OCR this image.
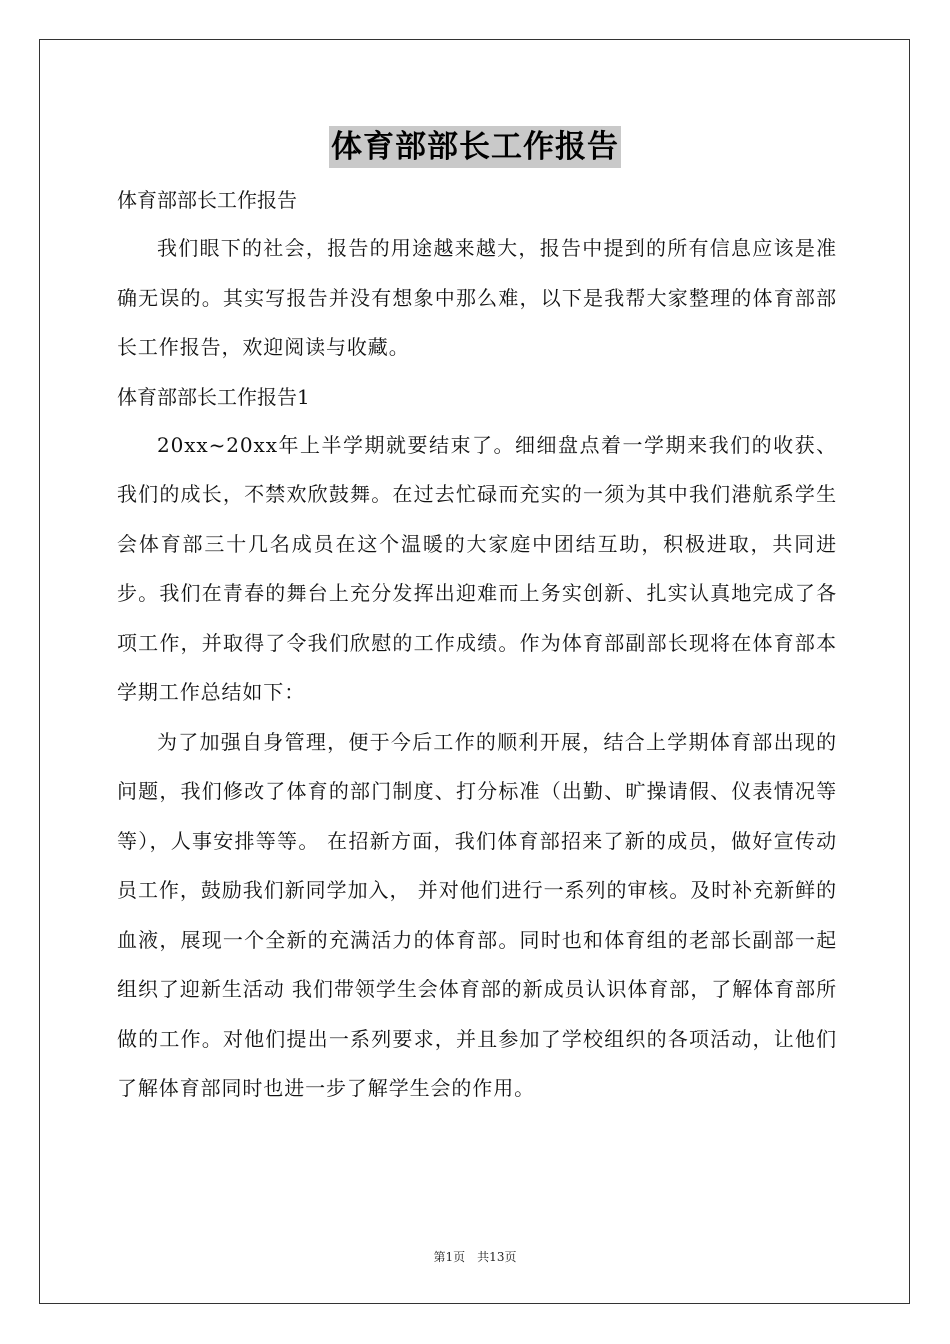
体育部部长工作报告

体育部部长工作报告

我们眼下的社会，报告的用途越来越大，报告中提到的所有信息应该是准确无误的。其实写报告并没有想象中那么难，以下是我帮大家整理的体育部部长工作报告，欢迎阅读与收藏。

体育部部长工作报告1

20xx~20xx年上半学期就要结束了。细细盘点着一学期来我们的收获、我们的成长，不禁欢欣鼓舞。在过去忙碌而充实的一须为其中我们港航系学生会体育部三十几名成员在这个温暖的大家庭中团结互助，积极进取，共同进步。我们在青春的舞台上充分发挥出迎难而上务实创新、扎实认真地完成了各项工作，并取得了令我们欣慰的工作成绩。作为体育部副部长现将在体育部本学期工作总结如下：

为了加强自身管理，便于今后工作的顺利开展，结合上学期体育部出现的问题，我们修改了体育的部门制度、打分标准（出勤、旷操请假、仪表情况等等），人事安排等等。 在招新方面，我们体育部招来了新的成员，做好宣传动员工作，鼓励我们新同学加入， 并对他们进行一系列的审核。及时补充新鲜的血液，展现一个全新的充满活力的体育部。同时也和体育组的老部长副部一起组织了迎新生活动 我们带领学生会体育部的新成员认识体育部，了解体育部所做的工作。对他们提出一系列要求，并且参加了学校组织的各项活动，让他们了解体育部同时也进一步了解学生会的作用。

第1页　共13页
